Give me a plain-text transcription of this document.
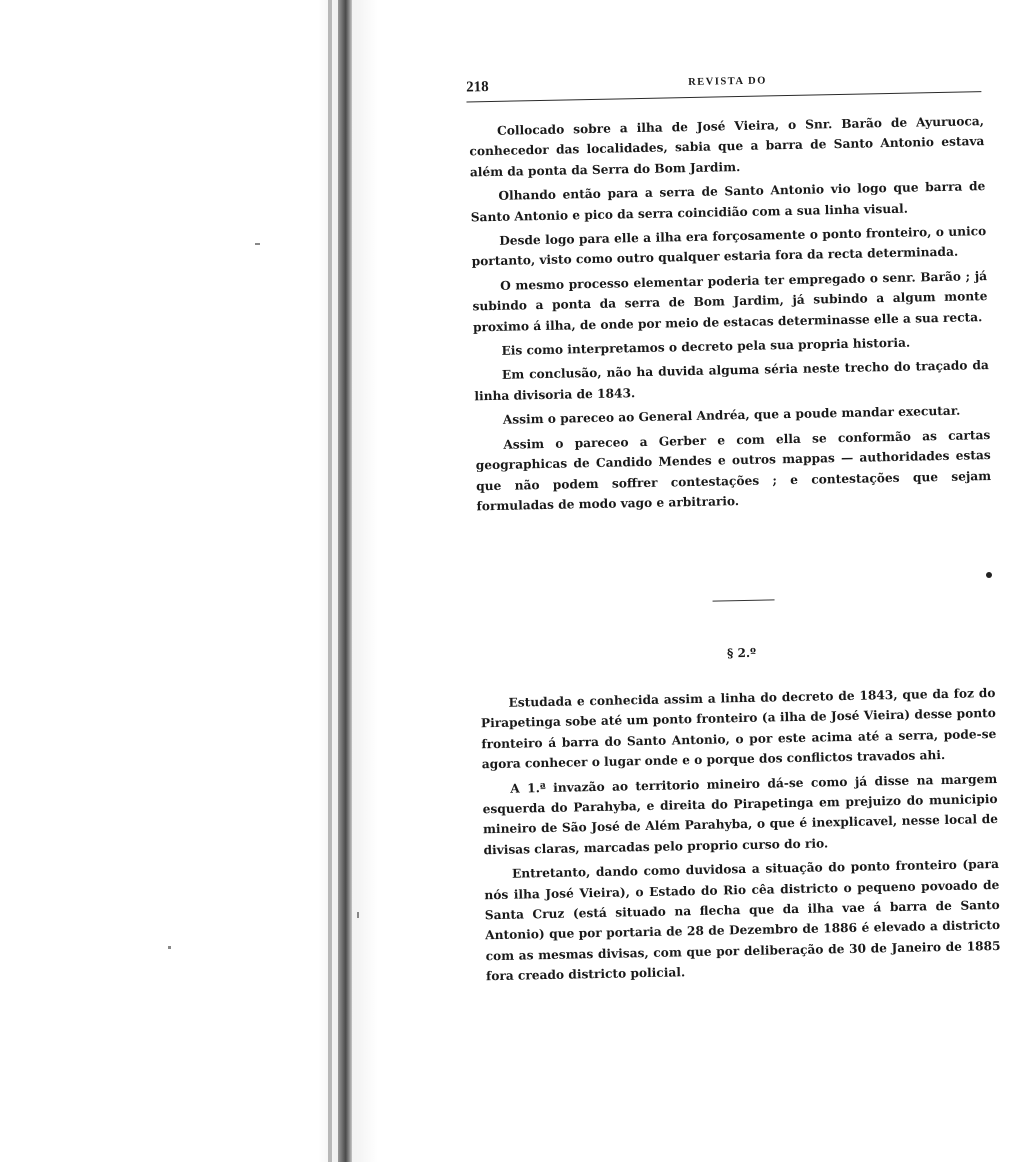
218	REVISTA DO

Collocado sobre a ilha de José Vieira, o Snr. Barão de Ayuruoca, conhecedor das localidades, sabia que a barra de Santo Antonio estava além da ponta da Serra do Bom Jardim.

Olhando então para a serra de Santo Antonio vio logo que barra de Santo Antonio e pico da serra coincidião com a sua linha visual.

Desde logo para elle a ilha era forçosamente o ponto fronteiro, o unico portanto, visto como outro qualquer estaria fora da recta determinada.

O mesmo processo elementar poderia ter empregado o senr. Barão ; já subindo a ponta da serra de Bom Jardim, já subindo a algum monte proximo á ilha, de onde por meio de estacas determinasse elle a sua recta.

Eis como interpretamos o decreto pela sua propria historia.

Em conclusão, não ha duvida alguma séria neste trecho do traçado da linha divisoria de 1843.

Assim o pareceo ao General Andréa, que a poude mandar executar.

Assim o pareceo a Gerber e com ella se conformão as cartas geographicas de Candido Mendes e outros mappas — authoridades estas que não podem soffrer contestações ; e contestações que sejam formuladas de modo vago e arbitrario.

§ 2.º

Estudada e conhecida assim a linha do decreto de 1843, que da foz do Pirapetinga sobe até um ponto fronteiro (a ilha de José Vieira) desse ponto fronteiro á barra do Santo Antonio, o por este acima até a serra, pode-se agora conhecer o lugar onde e o porque dos conflictos travados ahi.

A 1.ª invazão ao territorio mineiro dá-se como já disse na margem esquerda do Parahyba, e direita do Pirapetinga em prejuizo do municipio mineiro de São José de Além Parahyba, o que é inexplicavel, nesse local de divisas claras, marcadas pelo proprio curso do rio.

Entretanto, dando como duvidosa a situação do ponto fronteiro (para nós ilha José Vieira), o Estado do Rio cêa districto o pequeno povoado de Santa Cruz (está situado na flecha que da ilha vae á barra de Santo Antonio) que por portaria de 28 de Dezembro de 1886 é elevado a districto com as mesmas divisas, com que por deliberação de 30 de Janeiro de 1885 fora creado districto policial.
